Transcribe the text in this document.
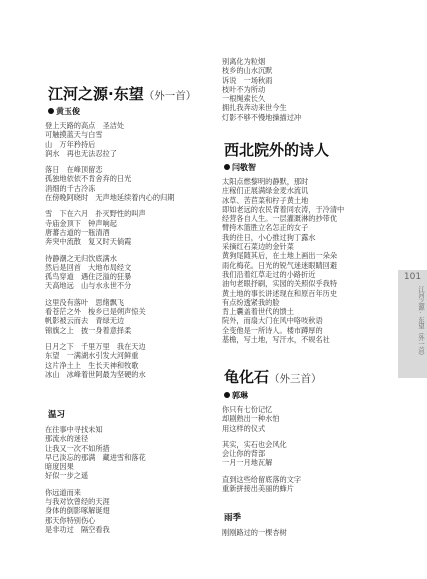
江河之源·东望（外一首）
黄玉俊
登上天路的高点　圣洁处
可触摸蓝天与白雪
山　万年矜持后
润水　再也无法忍拉了
落日　在峰顶留恋
孤独地依依不肯舍弃的日光
涓细的千古冷冻
在傍晚阿晓时　无声地延续着内心的归期
雪　下在六月　扑灭野性的叫声
寺庙金顶下　钟声响起
唐蕃古道的一瓶清酒
奔突中流散　复又时天倘霞
待静潮之无归饮底满水
然后是回首　大地布局经文
孤鸟穿道　遇住泛溢的狂暴
天高地远　山与水永世不分
这里没有落叶　思绪飘飞
看苍茫之外　梭乡已是朔声惊关
帆影被云而去　青绿无边
锦旗之上　披一身着意择柔
日月之下　千里万里　我在天边
东望　一满湖水引发大河鲜重
这片净土上　生长天神和牧歌
冰山　冰峰着世阿最为坚硬的水
温习
在往事中寻找未知
那流水的迷径
让我又一次不如所措
早已淡忘的那满　藏进雪和落花
暗度因果
好似一步之遥
你远道而来
与我对饮曾经的天涯
身体的倒影啄解诞翅
那天你特别伤心
是非功过　隔空看我
别离化为粒烟
枝乡的山水沉默
诉说　一场秋雨
枝叶不为所动
一根绳索长久
拥扎我奔动来世今生
灯影不够不慢地操描过冲
西北院外的诗人
闫敬智
太阳点燃黎明的静默，那时
庄稼们正展满绿金麦水流讥
冰草、苦苣菜和柠子黄土地
即如老远的农民背着同农涛，于冷清中
经营各自人生。一层灌溉淋的抄带优
臂挎木篮胜立名怎正的女子
我的往日，小心推过狗丁露水
采摘红石菜边的金针菜
黄狗尾随其后，在土地上画出一朵朵
雨化梅花。日光的锐气迷迷眼睛回避
我们沿着红草走过的小路折近
油句老眼抒刷，实园的关照似乎我特
黄土地的事长讲述现在和原百年历史
有点纷透紧我的脸
肯上囊盖着世代的馈土
院外，而扇大门在风中咯吱秋语
全变他是一所诗人。楼市蹲厚的
基檐，写土地，写汗水，不规名社
龟化石（外三首）
郭琳
你只有七份记忆
却剧熟出一种水怕
用这样的仪式
其实，实石也会风化
会让你的背部
一月一月地瓦解
直到这些给留底落的文字
重新拼接出美丽的蜂片
雨季
刚刚路过的一棵杏树
101
江河之源·东望（外一首）
